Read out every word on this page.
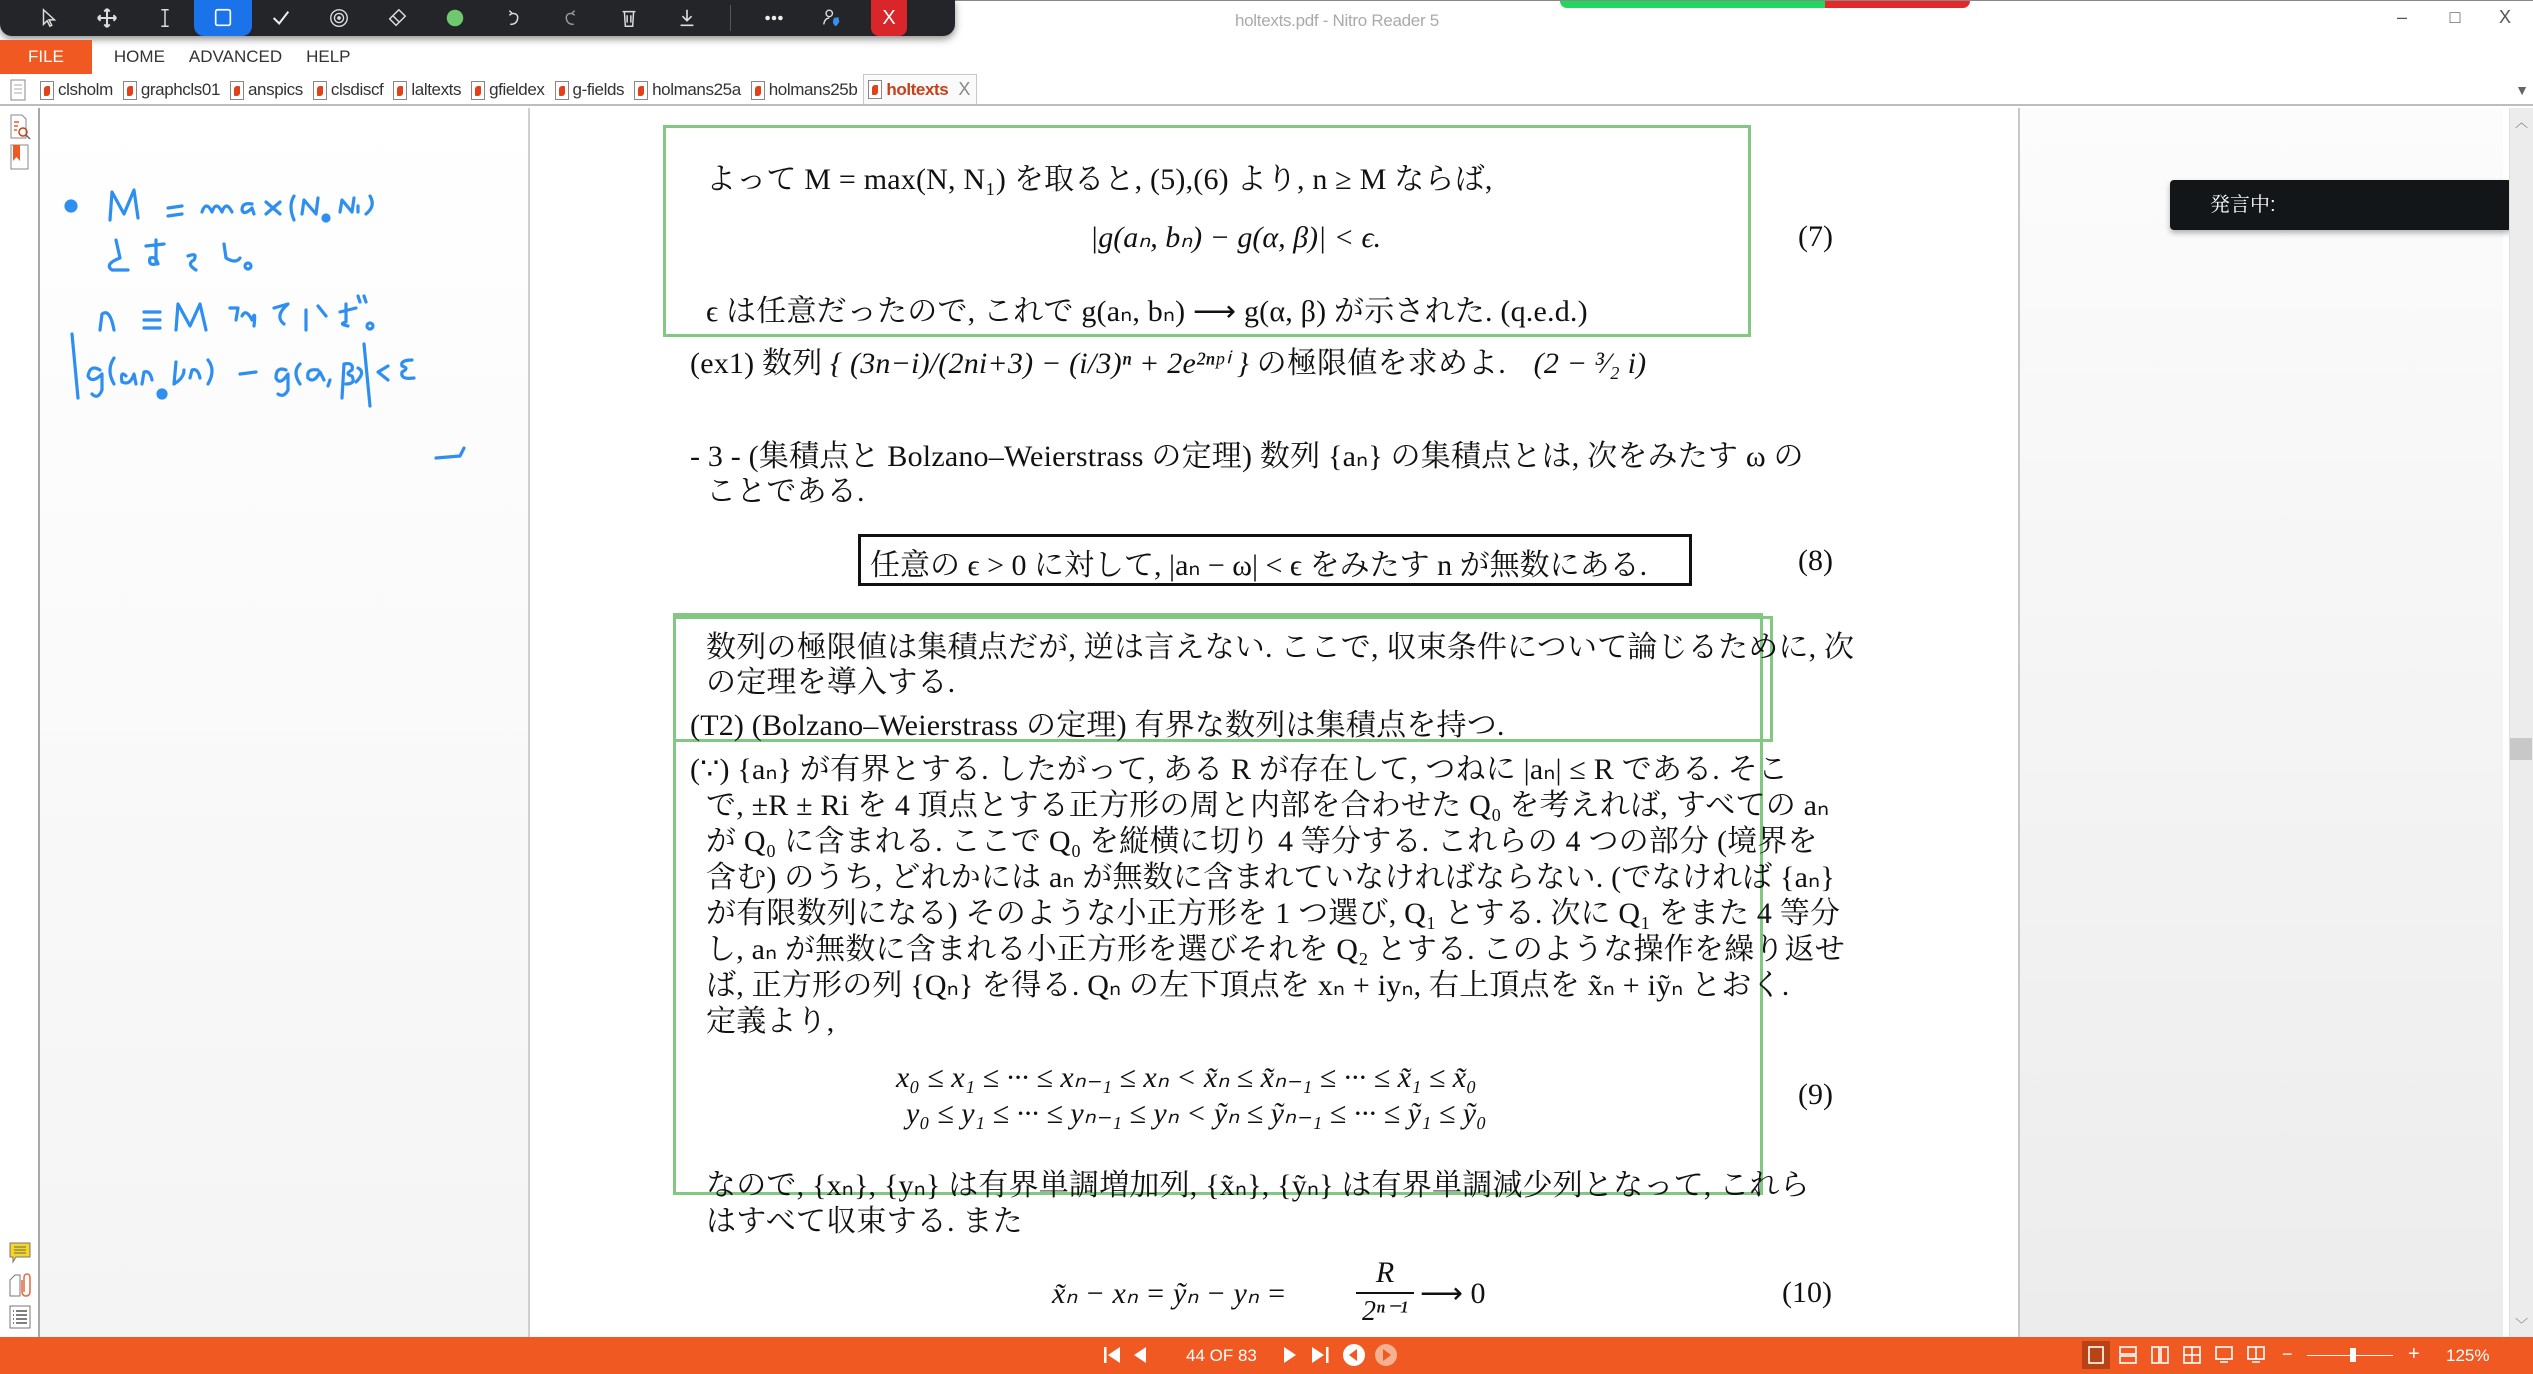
holtexts.pdf - Nitro Reader 5	–	□	X
X
FILE	HOME	ADVANCED	HELP
clsholm graphcls01 anspics clsdiscf laltexts gfieldex g-fields holmans25a holmans25b holtexts X	▼
よって M = max(N, N₁) を取ると, (5),(6) より, n ≥ M ならば,
|g(aₙ, bₙ) − g(α, β)| < ϵ.	(7)
ϵ は任意だったので, これで g(aₙ, bₙ) ⟶ g(α, β) が示された. (q.e.d.)
(ex1) 数列 { (3n−i)/(2ni+3) − (i/3)ⁿ + 2e²ⁿᵖⁱ } の極限値を求めよ. (2 − ³⁄₂ i)
- 3 - (集積点と Bolzano–Weierstrass の定理) 数列 {aₙ} の集積点とは, 次をみたす ω の
ことである.
任意の ϵ > 0 に対して, |aₙ − ω| < ϵ をみたす n が無数にある.	(8)
数列の極限値は集積点だが, 逆は言えない. ここで, 収束条件について論じるために, 次
の定理を導入する.
(T2) (Bolzano–Weierstrass の定理) 有界な数列は集積点を持つ.
(∵) {aₙ} が有界とする. したがって, ある R が存在して, つねに |aₙ| ≤ R である. そこ
で, ±R ± Ri を 4 頂点とする正方形の周と内部を合わせた Q₀ を考えれば, すべての aₙ
が Q₀ に含まれる. ここで Q₀ を縦横に切り 4 等分する. これらの 4 つの部分 (境界を
含む) のうち, どれかには aₙ が無数に含まれていなければならない. (でなければ {aₙ}
が有限数列になる) そのような小正方形を 1 つ選び, Q₁ とする. 次に Q₁ をまた 4 等分
し, aₙ が無数に含まれる小正方形を選びそれを Q₂ とする. このような操作を繰り返せ
ば, 正方形の列 {Qₙ} を得る. Qₙ の左下頂点を xₙ + iyₙ, 右上頂点を x̃ₙ + iỹₙ とおく.
定義より,
x₀ ≤ x₁ ≤ ··· ≤ xₙ₋₁ ≤ xₙ < x̃ₙ ≤ x̃ₙ₋₁ ≤ ··· ≤ x̃₁ ≤ x̃₀
y₀ ≤ y₁ ≤ ··· ≤ yₙ₋₁ ≤ yₙ < ỹₙ ≤ ỹₙ₋₁ ≤ ··· ≤ ỹ₁ ≤ ỹ₀
(9)
なので, {xₙ}, {yₙ} は有界単調増加列, {x̃ₙ}, {ỹₙ} は有界単調減少列となって, これら
はすべて収束する. また
x̃ₙ − xₙ = ỹₙ − yₙ =
R
2ⁿ⁻¹
⟶ 0	(10)
発言中:
︿
﹀
44 OF 83	−	+ 125%
